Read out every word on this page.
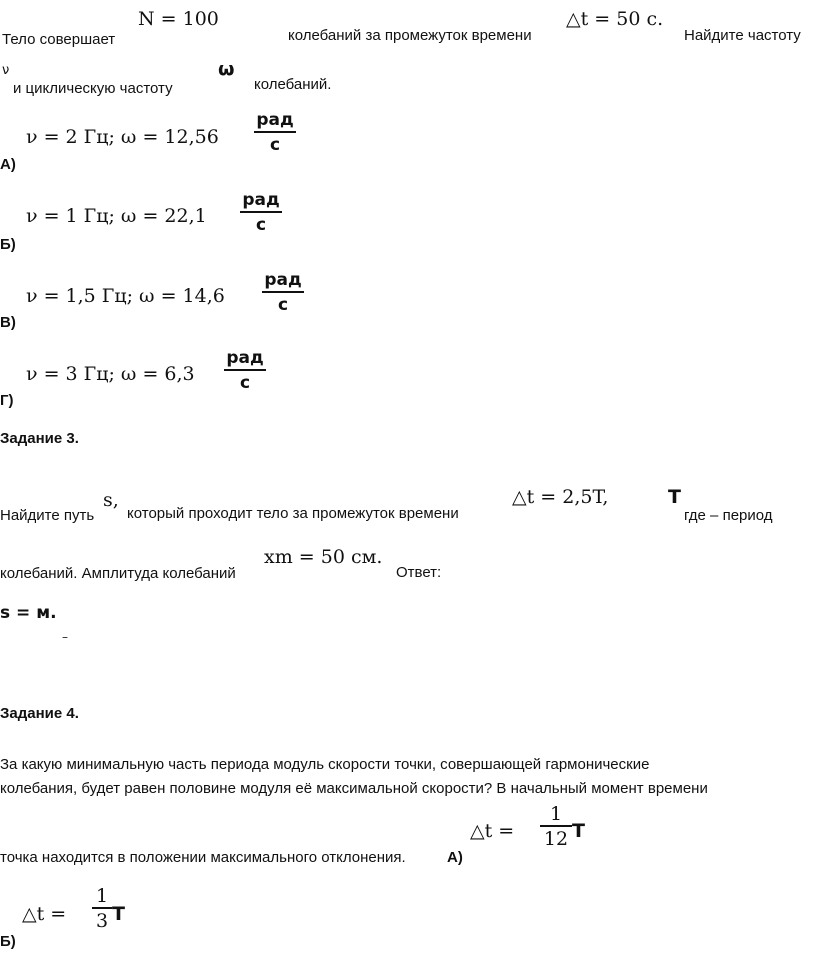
N = 100	△t = 50 с.
Тело совершает	колебаний за промежуток времени	Найдите частоту
ν	ω
и циклическую частоту	колебаний.
ν = 2 Гц; ω = 12,56
рад
с
А)
ν = 1 Гц; ω = 22,1
рад
с
Б)
ν = 1,5 Гц; ω = 14,6
рад
с
В)
ν = 3 Гц; ω = 6,3
рад
с
Г)
Задание 3.
s,	△t = 2,5T,	T
Найдите путь который проходит тело за промежуток времени	где – период
xm = 50 см.
колебаний. Амплитуда колебаний	Ответ:
s = м.
–
Задание 4.
За какую минимальную часть периода модуль скорости точки, совершающей гармонические
колебания, будет равен половине модуля её максимальной скорости? В начальный момент времени
точка находится в положении максимального отклонения.	А)
△t =
1
12 T
△t =
1
3 T
Б)
